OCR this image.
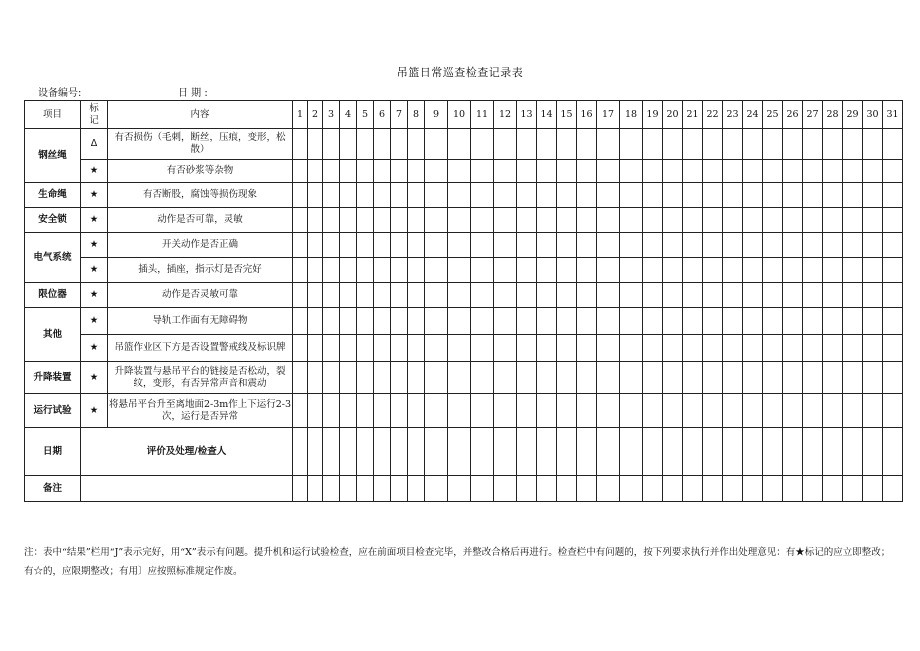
吊篮日常巡查检查记录表
设备编号:	日 期 :
项目	标记	内容	1	2	3	4	5	6	7	8	9	10	11	12	13	14	15	16	17	18	19	20	21	22	23	24	25	26	27	28	29	30	31
钢丝绳	Δ	有否损伤（毛刺，断丝，压痕，变形，松散）																															
	★	有否砂浆等杂物																															
生命绳	★	有否断股，腐蚀等损伤现象																															
安全锁	★	动作是否可靠，灵敏																															
电气系统	★	开关动作是否正确																															
	★	插头，插座，指示灯是否完好																															
限位器	★	动作是否灵敏可靠																															
其他	★	导轨工作面有无障碍物																															
	★	吊篮作业区下方是否设置警戒线及标识牌																															
升降装置	★	升降装置与悬吊平台的链接是否松动，裂纹，变形，有否异常声音和震动																															
运行试验	★	将悬吊平台升至离地面2-3m作上下运行2-3次，运行是否异常																															
日期	评价及处理/检查人																																
备注																																	
注：表中“结果”栏用“J”表示完好，用“X”表示有问题。提升机和运行试验检查，应在前面项目检查完毕，并整改合格后再进行。检查栏中有问题的，按下列要求执行并作出处理意见：有★标记的应立即整改；有☆的，应限期整改；有用〕应按照标准规定作废。
